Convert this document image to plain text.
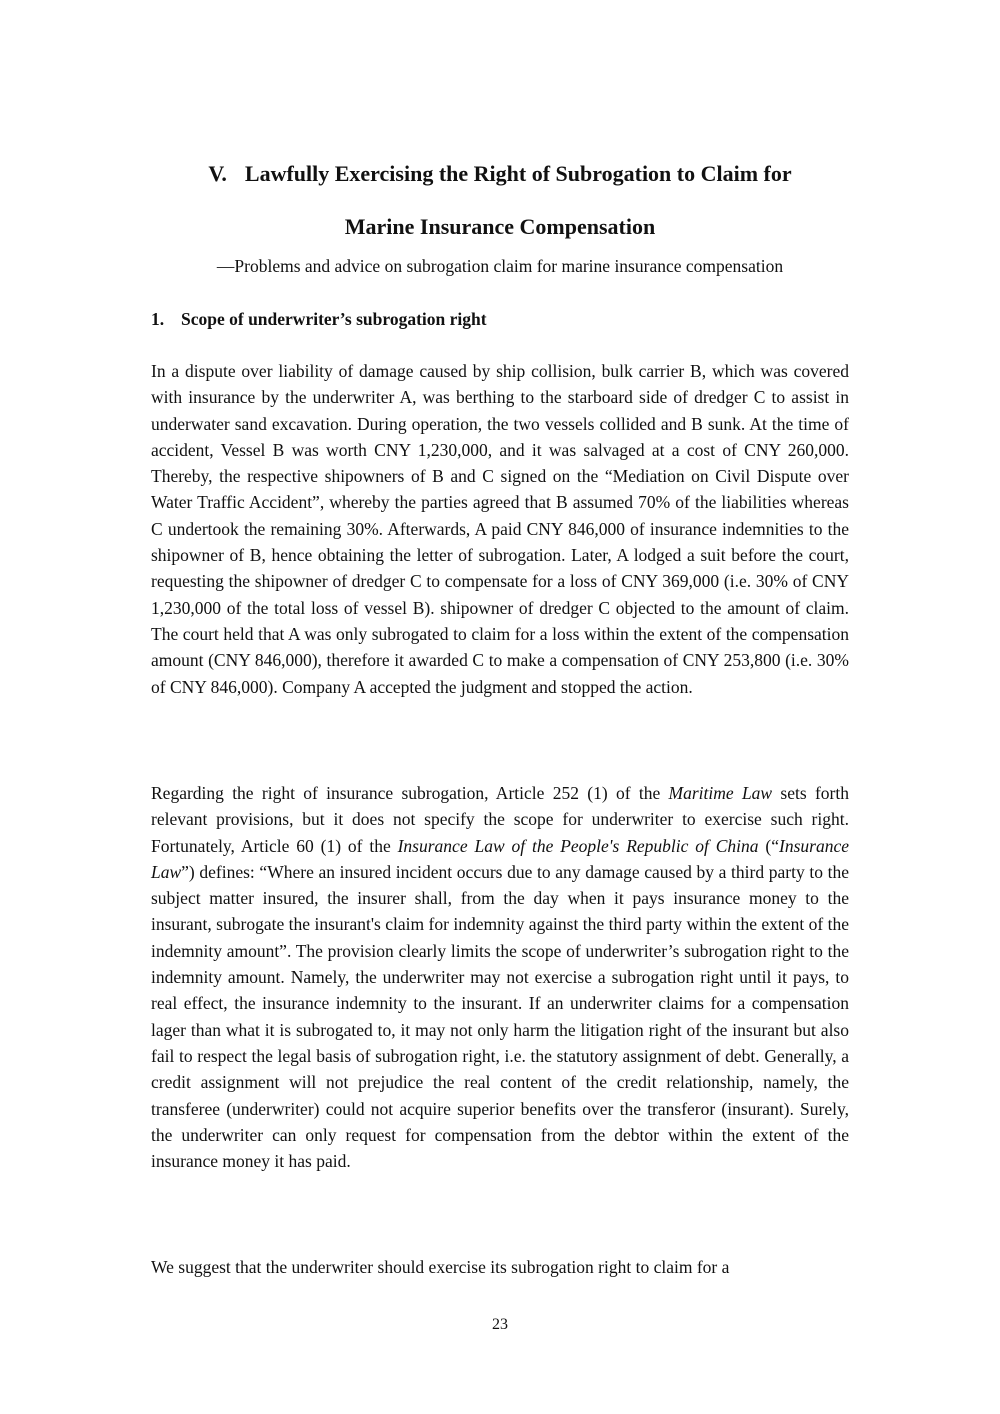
V. Lawfully Exercising the Right of Subrogation to Claim for
Marine Insurance Compensation

—Problems and advice on subrogation claim for marine insurance compensation

1. Scope of underwriter’s subrogation right

In a dispute over liability of damage caused by ship collision, bulk carrier B, which was covered with insurance by the underwriter A, was berthing to the starboard side of dredger C to assist in underwater sand excavation. During operation, the two vessels collided and B sunk. At the time of accident, Vessel B was worth CNY 1,230,000, and it was salvaged at a cost of CNY 260,000. Thereby, the respective shipowners of B and C signed on the “Mediation on Civil Dispute over Water Traffic Accident”, whereby the parties agreed that B assumed 70% of the liabilities whereas C undertook the remaining 30%. Afterwards, A paid CNY 846,000 of insurance indemnities to the shipowner of B, hence obtaining the letter of subrogation. Later, A lodged a suit before the court, requesting the shipowner of dredger C to compensate for a loss of CNY 369,000 (i.e. 30% of CNY 1,230,000 of the total loss of vessel B). shipowner of dredger C objected to the amount of claim. The court held that A was only subrogated to claim for a loss within the extent of the compensation amount (CNY 846,000), therefore it awarded C to make a compensation of CNY 253,800 (i.e. 30% of CNY 846,000). Company A accepted the judgment and stopped the action.

Regarding the right of insurance subrogation, Article 252 (1) of the Maritime Law sets forth relevant provisions, but it does not specify the scope for underwriter to exercise such right. Fortunately, Article 60 (1) of the Insurance Law of the People's Republic of China (“Insurance Law”) defines: “Where an insured incident occurs due to any damage caused by a third party to the subject matter insured, the insurer shall, from the day when it pays insurance money to the insurant, subrogate the insurant's claim for indemnity against the third party within the extent of the indemnity amount”. The provision clearly limits the scope of underwriter’s subrogation right to the indemnity amount. Namely, the underwriter may not exercise a subrogation right until it pays, to real effect, the insurance indemnity to the insurant. If an underwriter claims for a compensation lager than what it is subrogated to, it may not only harm the litigation right of the insurant but also fail to respect the legal basis of subrogation right, i.e. the statutory assignment of debt. Generally, a credit assignment will not prejudice the real content of the credit relationship, namely, the transferee (underwriter) could not acquire superior benefits over the transferor (insurant). Surely, the underwriter can only request for compensation from the debtor within the extent of the insurance money it has paid.

We suggest that the underwriter should exercise its subrogation right to claim for a

23
